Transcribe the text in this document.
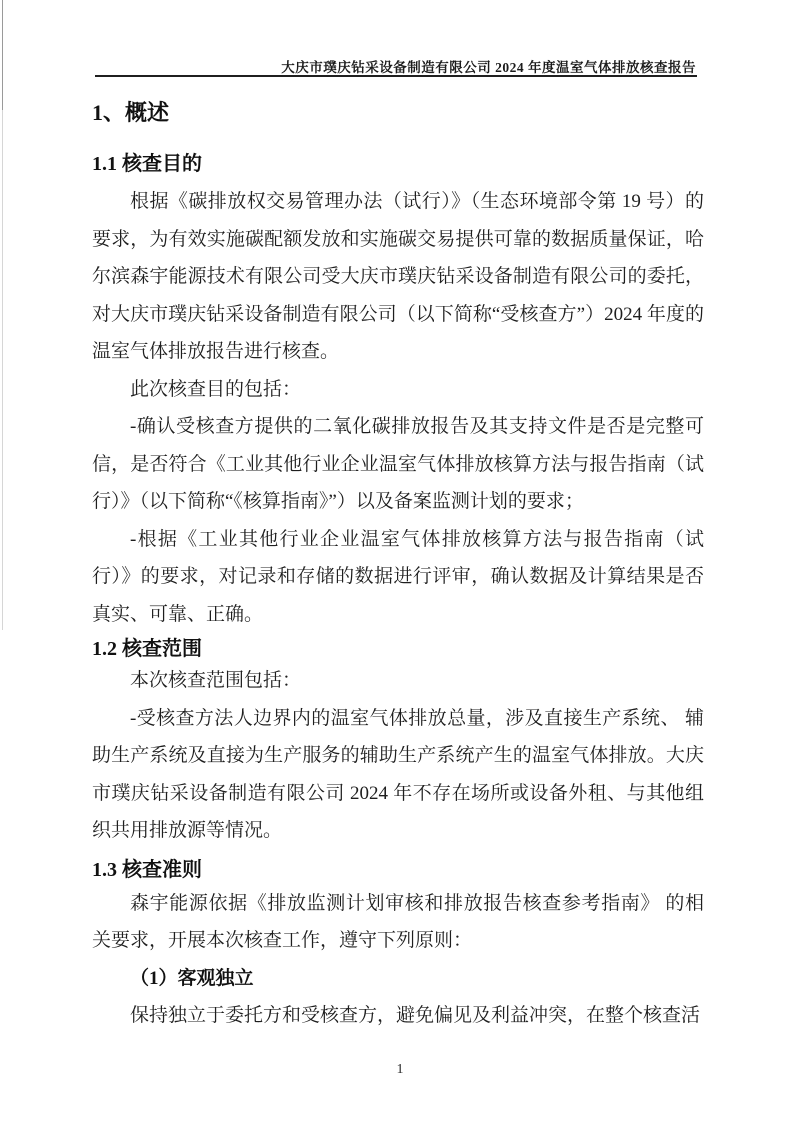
大庆市璞庆钻采设备制造有限公司 2024 年度温室气体排放核查报告
1、概述
1.1 核查目的

根据《碳排放权交易管理办法（试行）》（生态环境部令第 19 号）的要求，为有效实施碳配额发放和实施碳交易提供可靠的数据质量保证，哈尔滨森宇能源技术有限公司受大庆市璞庆钻采设备制造有限公司的委托，对大庆市璞庆钻采设备制造有限公司（以下简称“受核查方”）2024 年度的温室气体排放报告进行核查。

此次核查目的包括：

-确认受核查方提供的二氧化碳排放报告及其支持文件是否是完整可信，是否符合《工业其他行业企业温室气体排放核算方法与报告指南（试行）》（以下简称“《核算指南》”）以及备案监测计划的要求；

-根据《工业其他行业企业温室气体排放核算方法与报告指南（试行）》的要求，对记录和存储的数据进行评审，确认数据及计算结果是否真实、可靠、正确。

1.2 核查范围

本次核查范围包括：

-受核查方法人边界内的温室气体排放总量，涉及直接生产系统、 辅助生产系统及直接为生产服务的辅助生产系统产生的温室气体排放。大庆市璞庆钻采设备制造有限公司 2024 年不存在场所或设备外租、与其他组织共用排放源等情况。

1.3 核查准则

森宇能源依据《排放监测计划审核和排放报告核查参考指南》 的相关要求，开展本次核查工作，遵守下列原则：

（1）客观独立

保持独立于委托方和受核查方，避免偏见及利益冲突，在整个核查活

1
